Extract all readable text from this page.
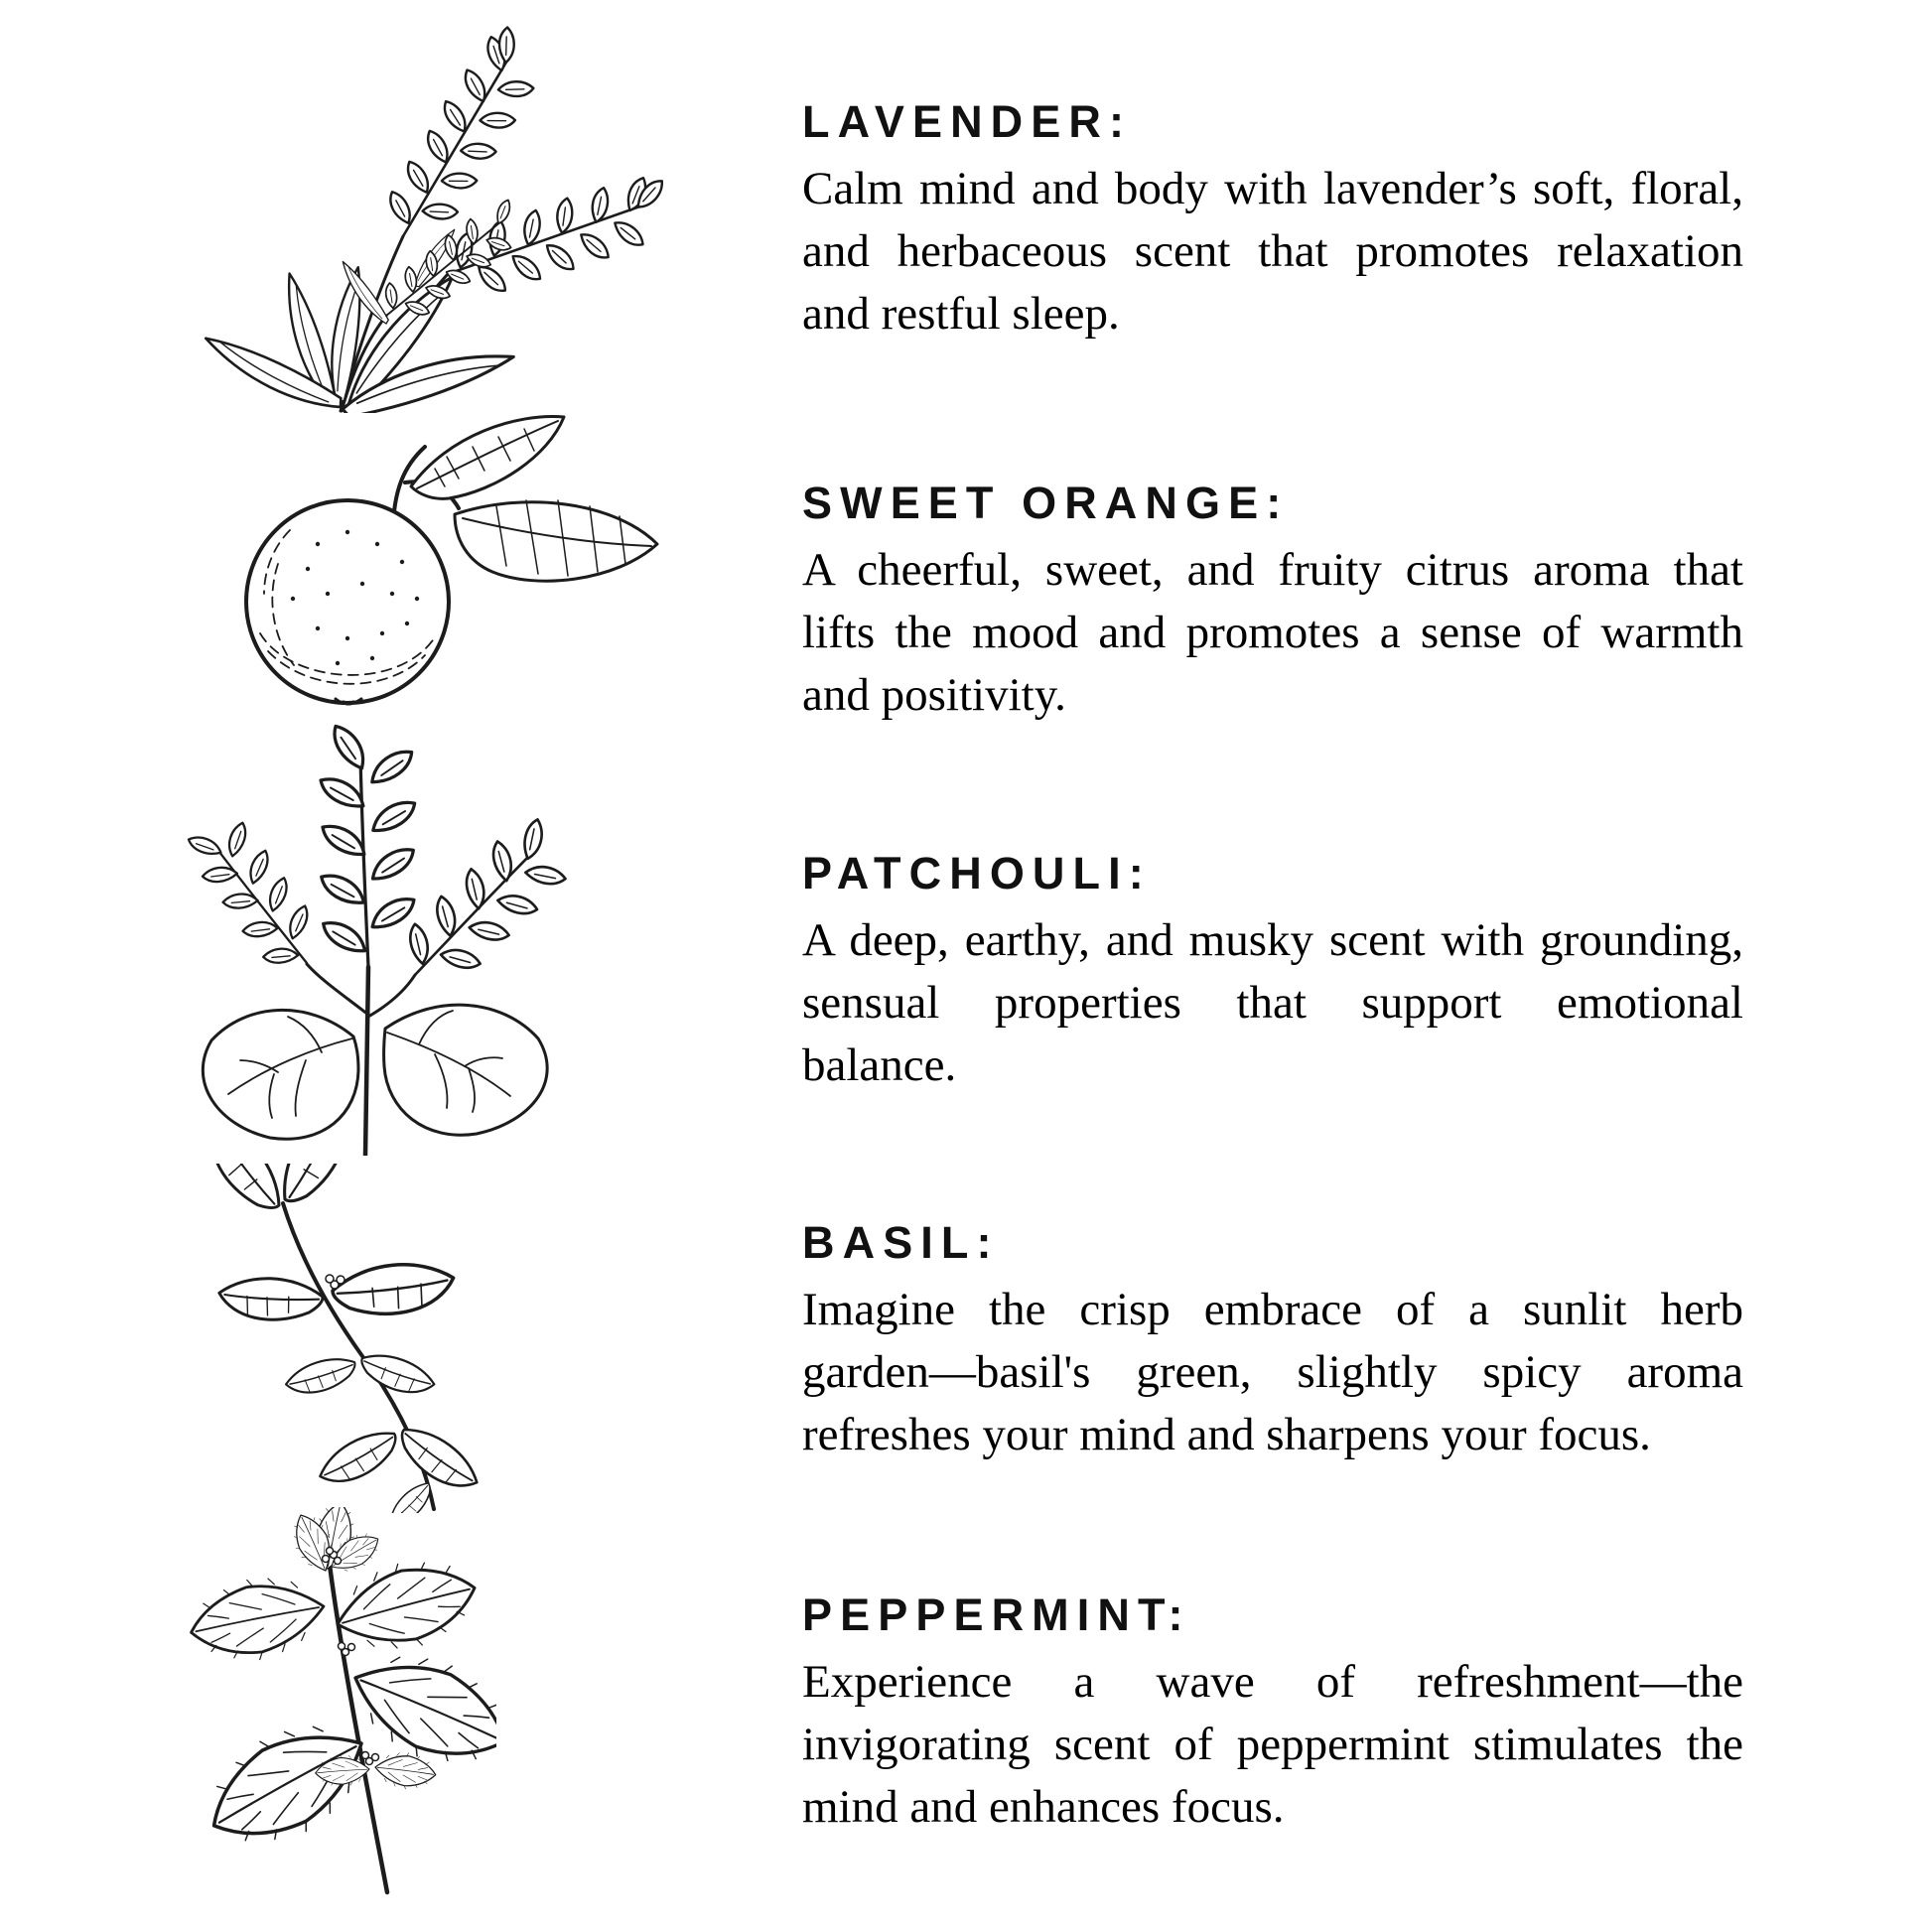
LAVENDER:

Calm mind and body with lavender’s soft, floral,

and herbaceous scent that promotes relaxation

and restful sleep.

SWEET ORANGE:

A cheerful, sweet, and fruity citrus aroma that

lifts the mood and promotes a sense of warmth

and positivity.

PATCHOULI:

A deep, earthy, and musky scent with grounding,

sensual properties that support emotional

balance.

BASIL:

Imagine the crisp embrace of a sunlit herb

garden—basil's green, slightly spicy aroma

refreshes your mind and sharpens your focus.

PEPPERMINT:

Experience a wave of refreshment—the

invigorating scent of peppermint stimulates the

mind and enhances focus.
